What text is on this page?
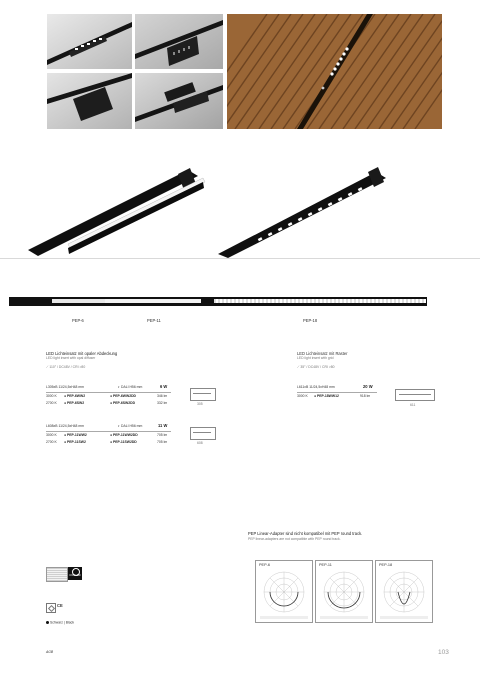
PEP-6	PEP-11	PEP-18
LED Lichteinsatz mit opaler Abdeckung
LED light insert with opal diffuser
⟋ 110° / DC48V / CRI >80
L305xB 11/24,5xH48 mm	◐ DALI H56 mm	6 W
3000 K ● PEP-6WW2	● PEP-6WW2DD	346 lm
2700 K ● PEP-6SW2	● PEP-6SW2DD	332 lm	305
L608xB 11/24,5xH48 mm	◐ DALI H56 mm	11 W
3000 K ● PEP-11WW2	● PEP-11WW2DD	705 lm
2700 K ● PEP-11SW2	● PEP-11SW2DD	705 lm	608
LED Lichteinsatz mit Raster
LED light insert with grid
⟋ 35° / DC48V / CRI >80
L611xB 11/24,5xH48 mm	20 W
3000 K ● PEP-18WW12	918 lm
611
PEP Linear-Adapter sind nicht kompatibel mit PEP round track.
PEP linear-adapters are not compatible with PEP round track.
PEP-6	PEP-11	PEP-18
COB LED
CE
Schwarz | Black
AGB	103
